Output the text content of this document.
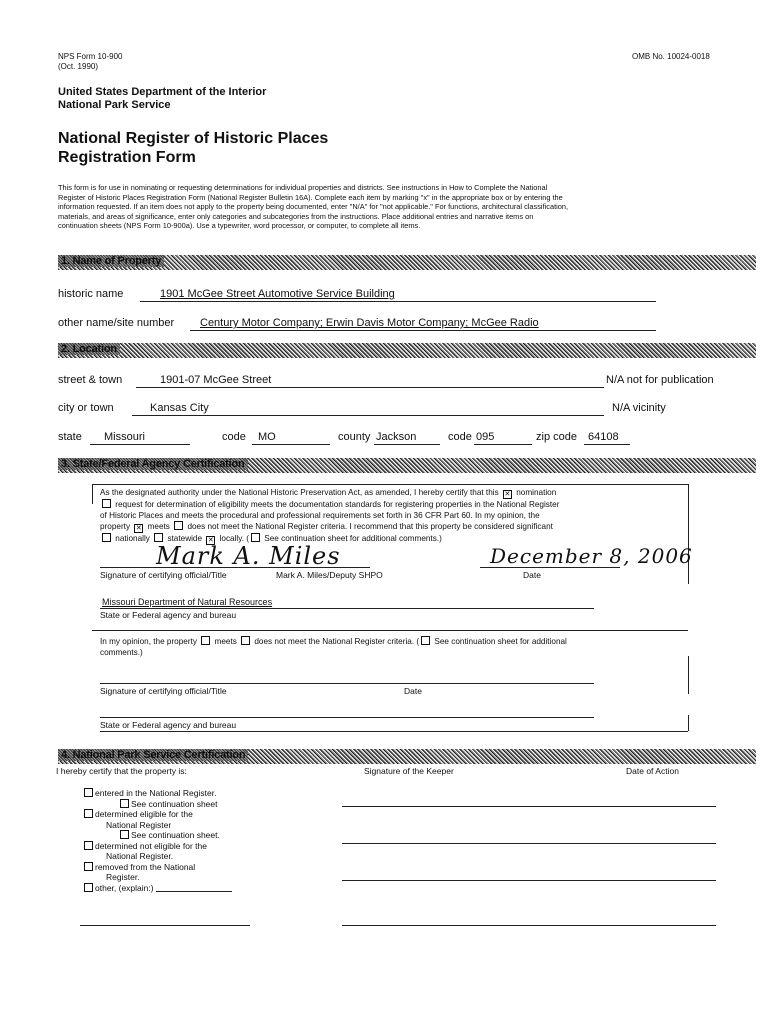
NPS Form 10-900
(Oct. 1990)
OMB No. 10024-0018
United States Department of the Interior
National Park Service
National Register of Historic Places
Registration Form
This form is for use in nominating or requesting determinations for individual properties and districts. See instructions in How to Complete the National
Register of Historic Places Registration Form (National Register Bulletin 16A). Complete each item by marking "x" in the appropriate box or by entering the
information requested. If an item does not apply to the property being documented, enter "N/A" for "not applicable." For functions, architectural classification,
materials, and areas of significance, enter only categories and subcategories from the instructions. Place additional entries and narrative items on
continuation sheets (NPS Form 10-900a). Use a typewriter, word processor, or computer, to complete all items.
1. Name of Property
historic name	1901 McGee Street Automotive Service Building
other name/site number	Century Motor Company; Erwin Davis Motor Company; McGee Radio
2. Location
street & town	1901-07 McGee Street	N/A not for publication
city or town	Kansas City	N/A vicinity
state	Missouri	code	MO	county Jackson	code 095	zip code	64108
3. State/Federal Agency Certification
As the designated authority under the National Historic Preservation Act, as amended, I hereby certify that this ✕ nomination
request for determination of eligibility meets the documentation standards for registering properties in the National Register
of Historic Places and meets the procedural and professional requirements set forth in 36 CFR Part 60. In my opinion, the
property ✕ meets does not meet the National Register criteria. I recommend that this property be considered significant
nationally  statewide ✕ locally. ( See continuation sheet for additional comments.)
Mark A. Miles	December 8, 2006
Signature of certifying official/Title	Mark A. Miles/Deputy SHPO	Date
Missouri Department of Natural Resources
State or Federal agency and bureau
In my opinion, the property meets does not meet the National Register criteria. ( See continuation sheet for additional
comments.)
Signature of certifying official/Title	Date
State or Federal agency and bureau
4. National Park Service Certification
I hereby certify that the property is:	Signature of the Keeper	Date of Action
entered in the National Register.
See continuation sheet
determined eligible for the
National Register
See continuation sheet.
determined not eligible for the
National Register.
removed from the National
Register.
other, (explain:)
